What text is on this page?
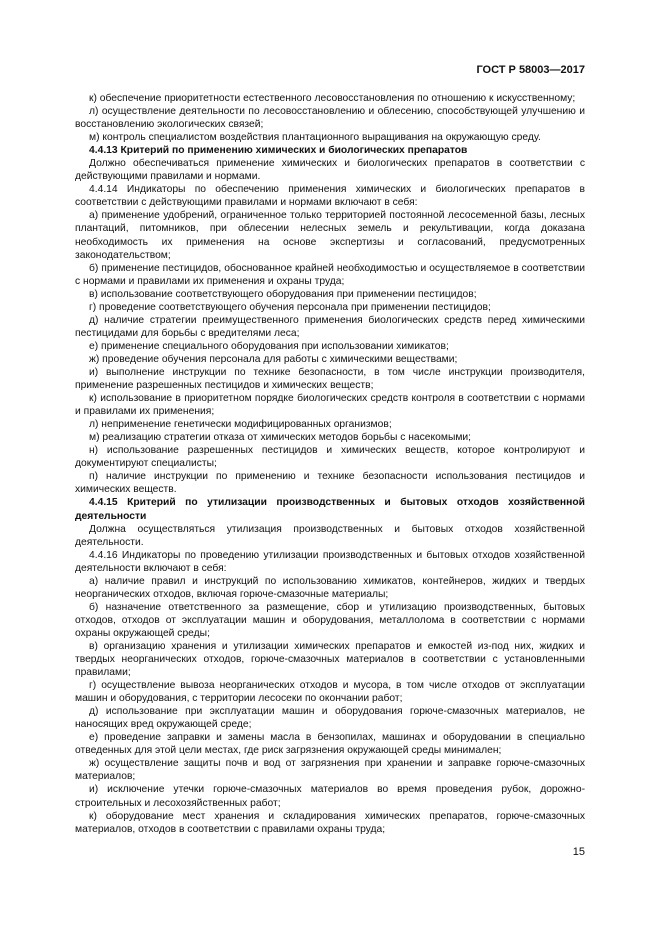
ГОСТ Р 58003—2017

к) обеспечение приоритетности естественного лесовосстановления по отношению к искусственному;

л) осуществление деятельности по лесовосстановлению и облесению, способствующей улучшению и восстановлению экологических связей;

м) контроль специалистом воздействия плантационного выращивания на окружающую среду.

4.4.13 Критерий по применению химических и биологических препаратов

Должно обеспечиваться применение химических и биологических препаратов в соответствии с действующими правилами и нормами.

4.4.14 Индикаторы по обеспечению применения химических и биологических препаратов в соответствии с действующими правилами и нормами включают в себя:

а) применение удобрений, ограниченное только территорией постоянной лесосеменной базы, лесных плантаций, питомников, при облесении нелесных земель и рекультивации, когда доказана необходимость их применения на основе экспертизы и согласований, предусмотренных законодательством;

б) применение пестицидов, обоснованное крайней необходимостью и осуществляемое в соответствии с нормами и правилами их применения и охраны труда;

в) использование соответствующего оборудования при применении пестицидов;

г) проведение соответствующего обучения персонала при применении пестицидов;

д) наличие стратегии преимущественного применения биологических средств перед химическими пестицидами для борьбы с вредителями леса;

е) применение специального оборудования при использовании химикатов;

ж) проведение обучения персонала для работы с химическими веществами;

и) выполнение инструкции по технике безопасности, в том числе инструкции производителя, применение разрешенных пестицидов и химических веществ;

к) использование в приоритетном порядке биологических средств контроля в соответствии с нормами и правилами их применения;

л) неприменение генетически модифицированных организмов;

м) реализацию стратегии отказа от химических методов борьбы с насекомыми;

н) использование разрешенных пестицидов и химических веществ, которое контролируют и документируют специалисты;

п) наличие инструкции по применению и технике безопасности использования пестицидов и химических веществ.

4.4.15 Критерий по утилизации производственных и бытовых отходов хозяйственной деятельности

Должна осуществляться утилизация производственных и бытовых отходов хозяйственной деятельности.

4.4.16 Индикаторы по проведению утилизации производственных и бытовых отходов хозяйственной деятельности включают в себя:

а) наличие правил и инструкций по использованию химикатов, контейнеров, жидких и твердых неорганических отходов, включая горюче-смазочные материалы;

б) назначение ответственного за размещение, сбор и утилизацию производственных, бытовых отходов, отходов от эксплуатации машин и оборудования, металлолома в соответствии с нормами охраны окружающей среды;

в) организацию хранения и утилизации химических препаратов и емкостей из-под них, жидких и твердых неорганических отходов, горюче-смазочных материалов в соответствии с установленными правилами;

г) осуществление вывоза неорганических отходов и мусора, в том числе отходов от эксплуатации машин и оборудования, с территории лесосеки по окончании работ;

д) использование при эксплуатации машин и оборудования горюче-смазочных материалов, не наносящих вред окружающей среде;

е) проведение заправки и замены масла в бензопилах, машинах и оборудовании в специально отведенных для этой цели местах, где риск загрязнения окружающей среды минимален;

ж) осуществление защиты почв и вод от загрязнения при хранении и заправке горюче-смазочных материалов;

и) исключение утечки горюче-смазочных материалов во время проведения рубок, дорожно-строительных и лесохозяйственных работ;

к) оборудование мест хранения и складирования химических препаратов, горюче-смазочных материалов, отходов в соответствии с правилами охраны труда;

15
